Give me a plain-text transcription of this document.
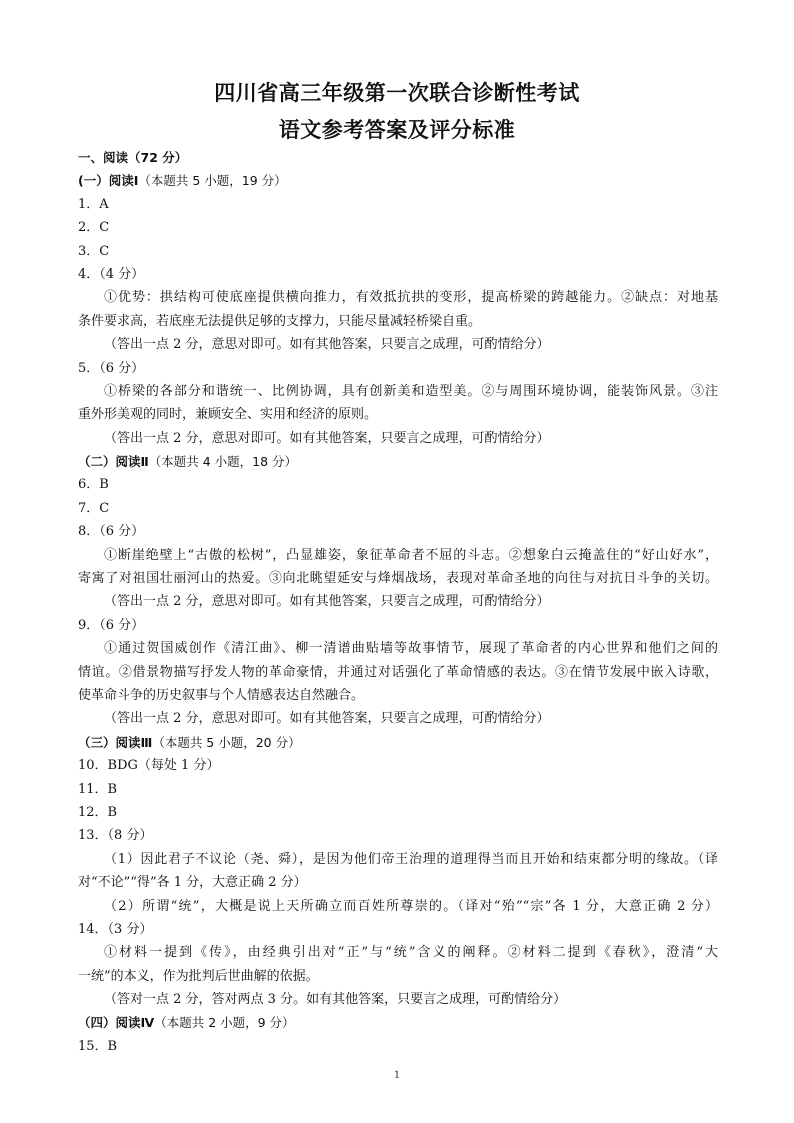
四川省高三年级第一次联合诊断性考试
语文参考答案及评分标准
一、阅读（72 分）
(一）阅读Ⅰ（本题共 5 小题，19 分）
1．A
2．C
3．C
4．（4 分）
①优势：拱结构可使底座提供横向推力，有效抵抗拱的变形，提高桥梁的跨越能力。②缺点：对地基
条件要求高，若底座无法提供足够的支撑力，只能尽量减轻桥梁自重。
（答出一点 2 分，意思对即可。如有其他答案，只要言之成理，可酌情给分）
5．（6 分）
①桥梁的各部分和谐统一、比例协调，具有创新美和造型美。②与周围环境协调，能装饰风景。③注
重外形美观的同时，兼顾安全、实用和经济的原则。
（答出一点 2 分，意思对即可。如有其他答案，只要言之成理，可酌情给分）
（二）阅读Ⅱ（本题共 4 小题，18 分）
6．B
7．C
8．（6 分）
①断崖绝壁上“古傲的松树”，凸显雄姿，象征革命者不屈的斗志。②想象白云掩盖住的“好山好水”，
寄寓了对祖国壮丽河山的热爱。③向北眺望延安与烽烟战场，表现对革命圣地的向往与对抗日斗争的关切。
（答出一点 2 分，意思对即可。如有其他答案，只要言之成理，可酌情给分）
9．（6 分）
①通过贺国威创作《清江曲》、柳一清谱曲贴墙等故事情节，展现了革命者的内心世界和他们之间的
情谊。②借景物描写抒发人物的革命豪情，并通过对话强化了革命情感的表达。③在情节发展中嵌入诗歌，
使革命斗争的历史叙事与个人情感表达自然融合。
（答出一点 2 分，意思对即可。如有其他答案，只要言之成理，可酌情给分）
（三）阅读Ⅲ（本题共 5 小题，20 分）
10．BDG（每处 1 分）
11．B
12．B
13．（8 分）
（1）因此君子不议论（尧、舜），是因为他们帝王治理的道理得当而且开始和结束都分明的缘故。（译
对“不论”“得”各 1 分，大意正确 2 分）
（2）所谓“统”，大概是说上天所确立而百姓所尊崇的。（译对“殆”“宗”各 1 分，大意正确 2 分）
14．（3 分）
①材料一提到《传》，由经典引出对“正”与“统”含义的阐释。②材料二提到《春秋》，澄清“大
一统”的本义，作为批判后世曲解的依据。
（答对一点 2 分，答对两点 3 分。如有其他答案，只要言之成理，可酌情给分）
（四）阅读Ⅳ（本题共 2 小题，9 分）
15．B
1
